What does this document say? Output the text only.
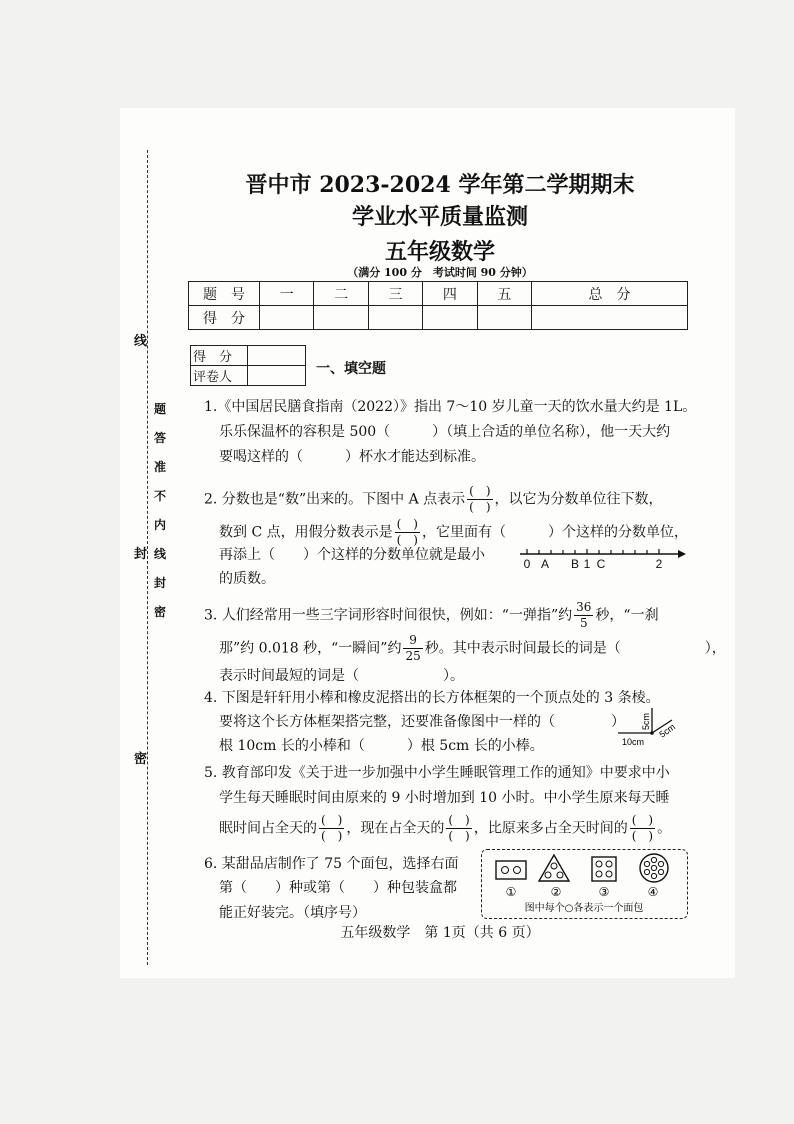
线
封
密
题
答
准
不
内
线
封
密
晋中市 2023-2024 学年第二学期期末
学业水平质量监测
五年级数学
（满分 100 分　考试时间 90 分钟）
题　号	一	二	三	四	五	总　分
得　分						
得　分	
评卷人	
一、填空题
1.《中国居民膳食指南（2022）》指出 7～10 岁儿童一天的饮水量大约是 1L。
乐乐保温杯的容积是 500（　　　）（填上合适的单位名称），他一天大约
要喝这样的（　　　）杯水才能达到标准。
2. 分数也是“数”出来的。下图中 A 点表示 $\frac{( )}{( )}$ ，以它为分数单位往下数，
数到 C 点，用假分数表示是 $\frac{( )}{( )}$ ，它里面有（　　　）个这样的分数单位，
再添上（　　）个这样的分数单位就是最小
的质数。
0 A B 1 C	2
3. 人们经常用一些三字词形容时间很快，例如：“一弹指”约 $\frac{36}{5}$ 秒，“一刹
那”约 0.018 秒，“一瞬间”约 $\frac{9}{25}$ 秒。其中表示时间最长的词是（　　　　　　），
表示时间最短的词是（　　　　　　）。
4. 下图是轩轩用小棒和橡皮泥搭出的长方体框架的一个顶点处的 3 条棱。
要将这个长方体框架搭完整，还要准备像图中一样的（　　　　）
根 10cm 长的小棒和（　　　）根 5cm 长的小棒。	10cm
5cm
5cm
5. 教育部印发《关于进一步加强中小学生睡眠管理工作的通知》中要求中小
学生每天睡眠时间由原来的 9 小时增加到 10 小时。中小学生原来每天睡
眠时间占全天的 $\frac{( )}{( )}$ ，现在占全天的 $\frac{( )}{( )}$ ，比原来多占全天时间的 $\frac{( )}{( )}$ 。
6. 某甜品店制作了 75 个面包，选择右面
第（　　）种或第（　　）种包装盒都
能正好装完。（填序号）
①	②	③	④
图中每个○各表示一个面包
五年级数学　第 1页（共 6 页）
